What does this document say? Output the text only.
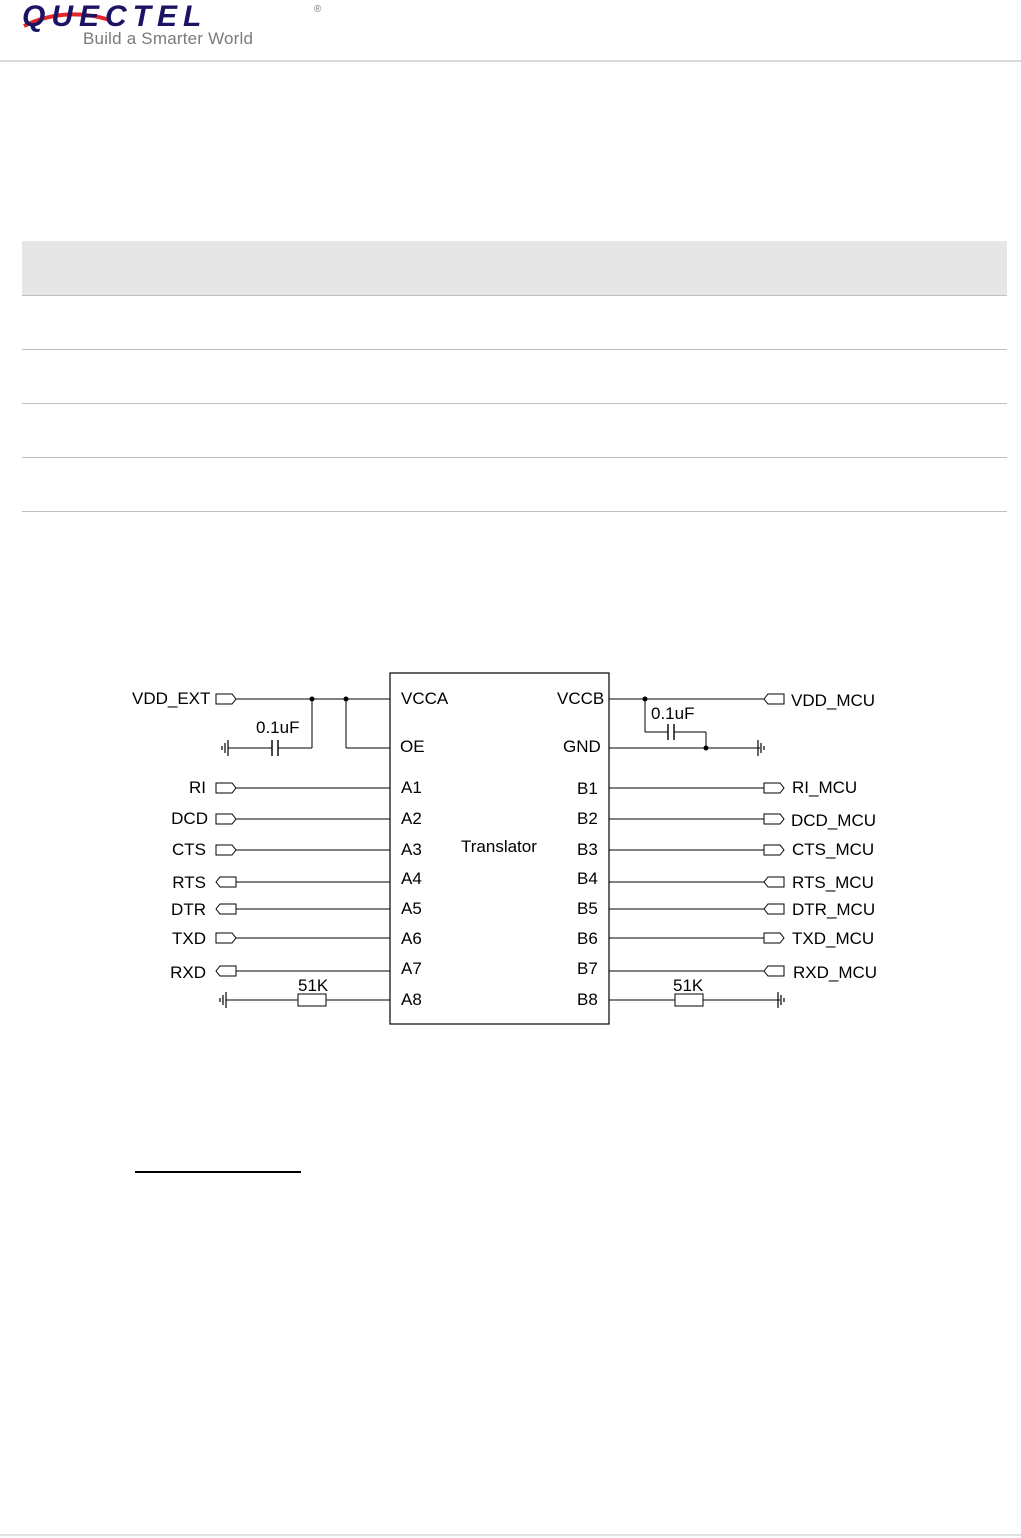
QUECTEL	®
Build a Smarter World
Translator
VCCA	VCCB
OE	GND
VDD_EXT	VDD_MCU
0.1uF
0.1uF
RI	A1	B1	RI_MCU
DCD	A2	B2	DCD_MCU
CTS	A3	B3	CTS_MCU
RTS	A4	B4	RTS_MCU
DTR	A5	B5	DTR_MCU
TXD	A6	B6	TXD_MCU
RXD	A7	B7	RXD_MCU
51K
A8	B8
51K
